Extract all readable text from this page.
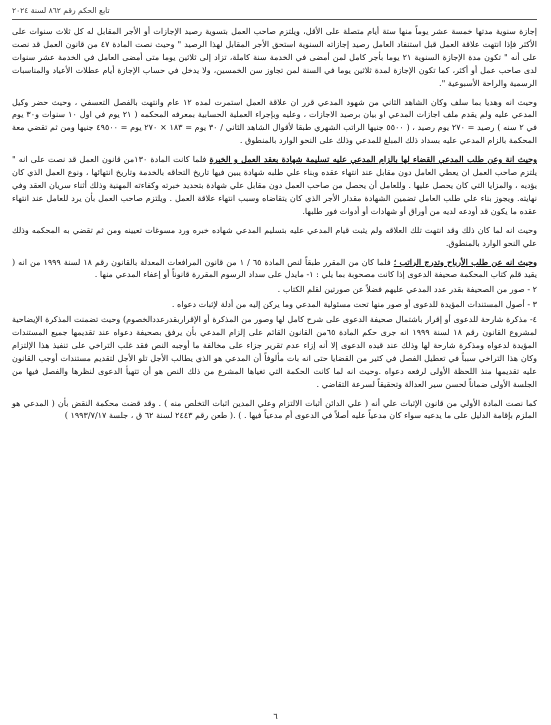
تابع الحكم رقم ٨٦٢ لسنة ٢٠٢٤

إجازة سنوية مدتها خمسة عشر يوماً منها ستة أيام متصلة على الأقل، ويلتزم صاحب العمل بتسوية رصيد الإجازات أو الأجر المقابل له كل ثلاث سنوات على الأكثر فإذا انتهت علاقة العمل قبل استنفاد العامل رصيد إجازاته السنوية استحق الأجر المقابل لهذا الرصيد " وحيث نصت المادة ٤٧ من قانون العمل قد نصت على أنه " تكون مدة الإجازة السنوية ٢١ يوما بأجر كامل لمن أمضى في الخدمة سنة كاملة، تزاد إلى ثلاثين يوما متى أمضى العامل في الخدمة عشر سنوات لدى صاحب عمل أو أكثر، كما تكون الإجازة لمدة ثلاثين يوما في السنة لمن تجاوز سن الخمسين، ولا يدخل في حساب الإجازة أيام عطلات الأعياد والمناسبات الرسمية والراحة الأسبوعية ".

وحيث انه وهديا بما سلف وكان الشاهد الثاني من شهود المدعي قرر ان علاقة العمل استمرت لمده ١٢ عام وانتهت بالفصل التعسفي ، وحيث حضر وكيل المدعي عليه ولم يقدم ملف اجازات المدعي او بيان برصيد الاجازات ، وعليه وبإجراء العملية الحسابية بمعرفه المحكمه ( ٢١ يوم في اول ١٠ سنوات و٣٠ يوم في ٢ سنه ) رصيد = ٢٧٠ يوم رصيد ، ( ٥٥٠٠ جنيها الراتب الشهري طبقا لأقوال الشاهد الثاني / ٣٠ يوم = ١٨٣ × ٢٧٠ يوم = ٤٩٥٠٠ جنيها ومن ثم تقضي معة المحكمة بالزام المدعي عليه بسداد ذلك المبلغ للمدعي وذلك على النحو الوارد بالمنطوق .

وحيث انة وعن طلب المدعي القضاء لها بالزام المدعي عليه تسليمة شهادة بعقد العمل و الخبرة فلما كانت المادة ١٣٠من قانون العمل قد نصت على انه " يلتزم صاحب العمل ان يعطي العامل دون مقابل عند انتهاء عقده وبناء علي طلبه شهادة يبين فيها تاريخ التحاقه بالخدمة وتاريخ انتهائها ، ونوع العمل الذي كان يؤديه ، والمزايا التي كان يحصل عليها . وللعامل أن يحصل من صاحب العمل دون مقابل علي شهادة بتحديد خبرته وكفاءته المهنية وذلك أثناء سريان العقد وفي نهايته. ويجوز بناء علي طلب العامل تضمين الشهادة مقدار الأجر الذي كان يتقاضاه وسبب انتهاء علاقة العمل . ويلتزم صاحب العمل بأن يرد للعامل عند انتهاء عقده ما يكون قد أودعه لديه من أوراق أو شهادات أو أدوات فور طلبها.

وحيث انه لما كان ذلك وقد انتهت تلك العلاقه ولم يثبت قيام المدعي عليه بتسليم المدعي شهاده خبره ورد مسوغات تعيينه ومن ثم تقضي به المحكمه وذلك علي النحو الوارد بالمنطوق.

وحيث انه عن طلب الأرباح وتدرج الراتب ؛ فلما كان من المقرر طبقاً لنص المادة ٦٥ / ١ من قانون المرافعات المعدلة بالقانون رقم ١٨ لسنة ١٩٩٩ من انه ( يقيد قلم كتاب المحكمة صحيفة الدعوى إذا كانت مصحوبة بما يلي : ١- مايدل على سداد الرسوم المقررة قانوناً أو إعفاء المدعي منها .

٢ - صور من الصحيفة بقدر عدد المدعي عليهم فضلاً عن صورتين لقلم الكتاب .

٣ - أصول المستندات المؤيدة للدعوى أو صور منها تحت مسئولية المدعي وما يركن إليه من أدلة لإثبات دعواه .

٤- مذكرة شارحة للدعوى أو إقرار باشتمال صحيفة الدعوى على شرح كامل لها وصور من المذكرة أو الإقراربقدرعددالخصوم) وحيث تضمنت المذكرة الإيضاحية لمشروع القانون رقم ١٨ لسنة ١٩٩٩ انه جرى حكم المادة ٦٥من القانون القائم على إلزام المدعي بأن يرفق بصحيفة دعواه عند تقديمها جميع المستندات المؤيدة لدعواه ومذكرة شارحة لها وذلك عند قيده الدعوى إلا أنه إزاء عدم تقرير جزاء على مخالفة ما أوجبه النص فقد غلب التراخي على تنفيذ هذا الإلتزام وكان هذا التراخي سبباً في تعطيل الفصل في كثير من القضايا حتى انه بات مألوفاً أن المدعي هو الذي يطالب الأجل تلو الأجل لتقديم مستندات أوجب القانون عليه تقديمها منذ اللحظة الأولى لرفعه دعواه .وحيث انه لما كانت الحكمة التي تغياها المشرع من ذلك النص هو أن تتهيأ الدعوى لنظرها والفصل فيها من الجلسة الأولى ضماناً لحسن سير العدالة وتحقيقاً لسرعة التقاضي .

كما نصت المادة الأولي من قانون الإثبات علي أنه ( علي الدائن أثبات الالتزام وعلي المدين اثبات التخلص منه ) . وقد قضت محكمة النقض بأن ( المدعي هو الملزم بإقامة الدليل على ما يدعيه سواء كان مدعياً عليه أصلاً في الدعوى أم مدعياً فيها . ) .( طعن رقم ٢٤٤٣ لسنة ٦٢ ق ، جلسة ١٩٩٣/٧/١٧ )

٦
